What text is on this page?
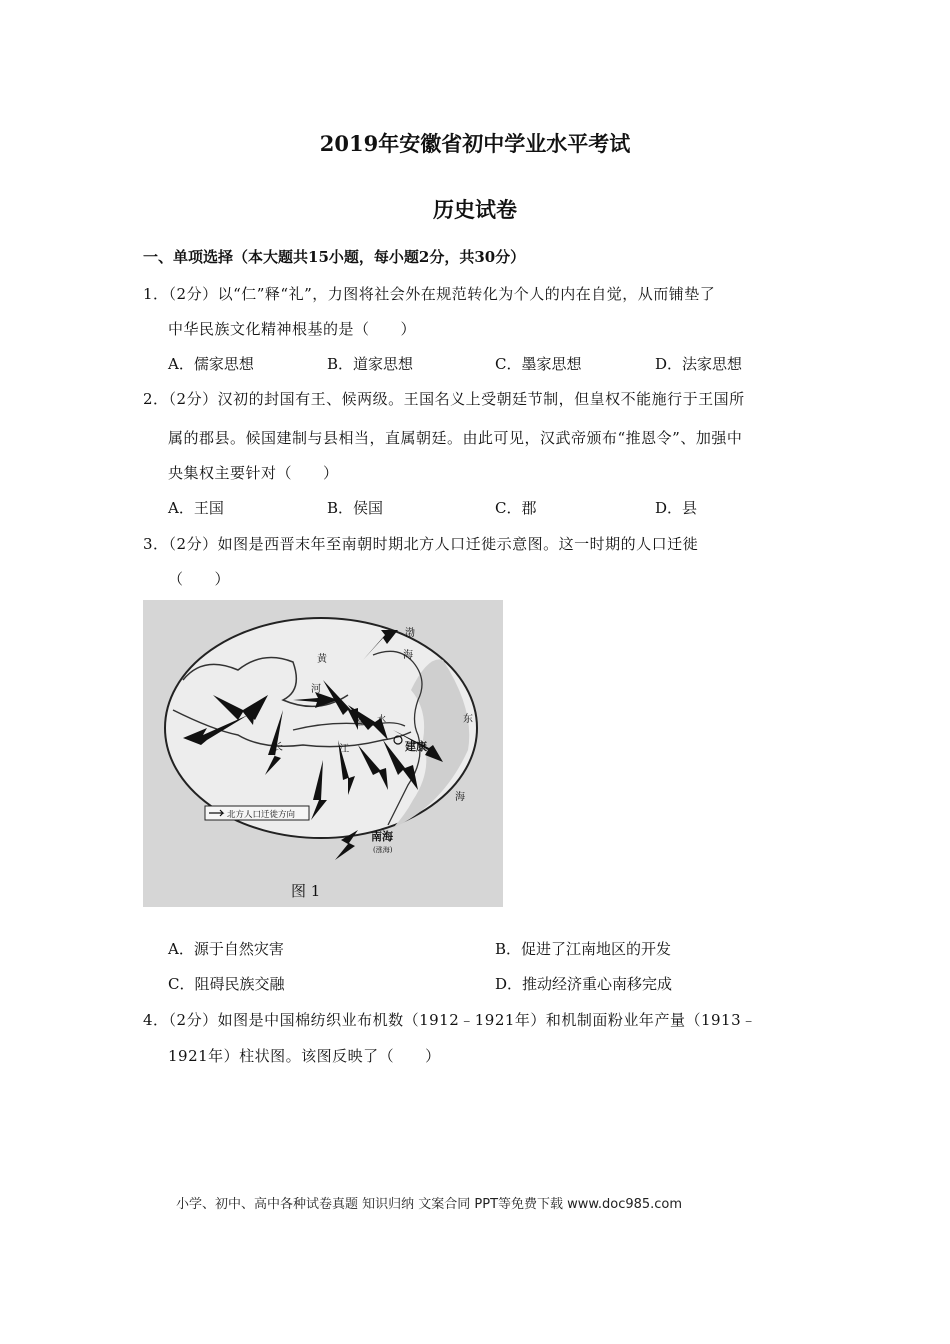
2019年安徽省初中学业水平考试
历史试卷
一、单项选择（本大题共15小题，每小题2分，共30分）
1．（2分）以“仁”释“礼”，力图将社会外在规范转化为个人的内在自觉，从而铺垫了
中华民族文化精神根基的是（　　）
A．儒家思想	B．道家思想	C．墨家思想	D．法家思想
2．（2分）汉初的封国有王、候两级。王国名义上受朝廷节制，但皇权不能施行于王国所
属的郡县。候国建制与县相当，直属朝廷。由此可见，汉武帝颁布“推恩令”、加强中
央集权主要针对（　　）
A．王国	B．侯国	C．郡	D．县
3．（2分）如图是西晋末年至南朝时期北方人口迁徙示意图。这一时期的人口迁徙
（　　）
北方人口迁徙方向
黄
河
渤
海
淮 水
长	江	建康
东
海
南海
(涨海)
图 1
A．源于自然灾害	B．促进了江南地区的开发
C．阻碍民族交融	D．推动经济重心南移完成
4．（2分）如图是中国棉纺织业布机数（1912﹣1921年）和机制面粉业年产量（1913﹣
1921年）柱状图。该图反映了（　　）
小学、初中、高中各种试卷真题 知识归纳 文案合同 PPT等免费下载 www.doc985.com
